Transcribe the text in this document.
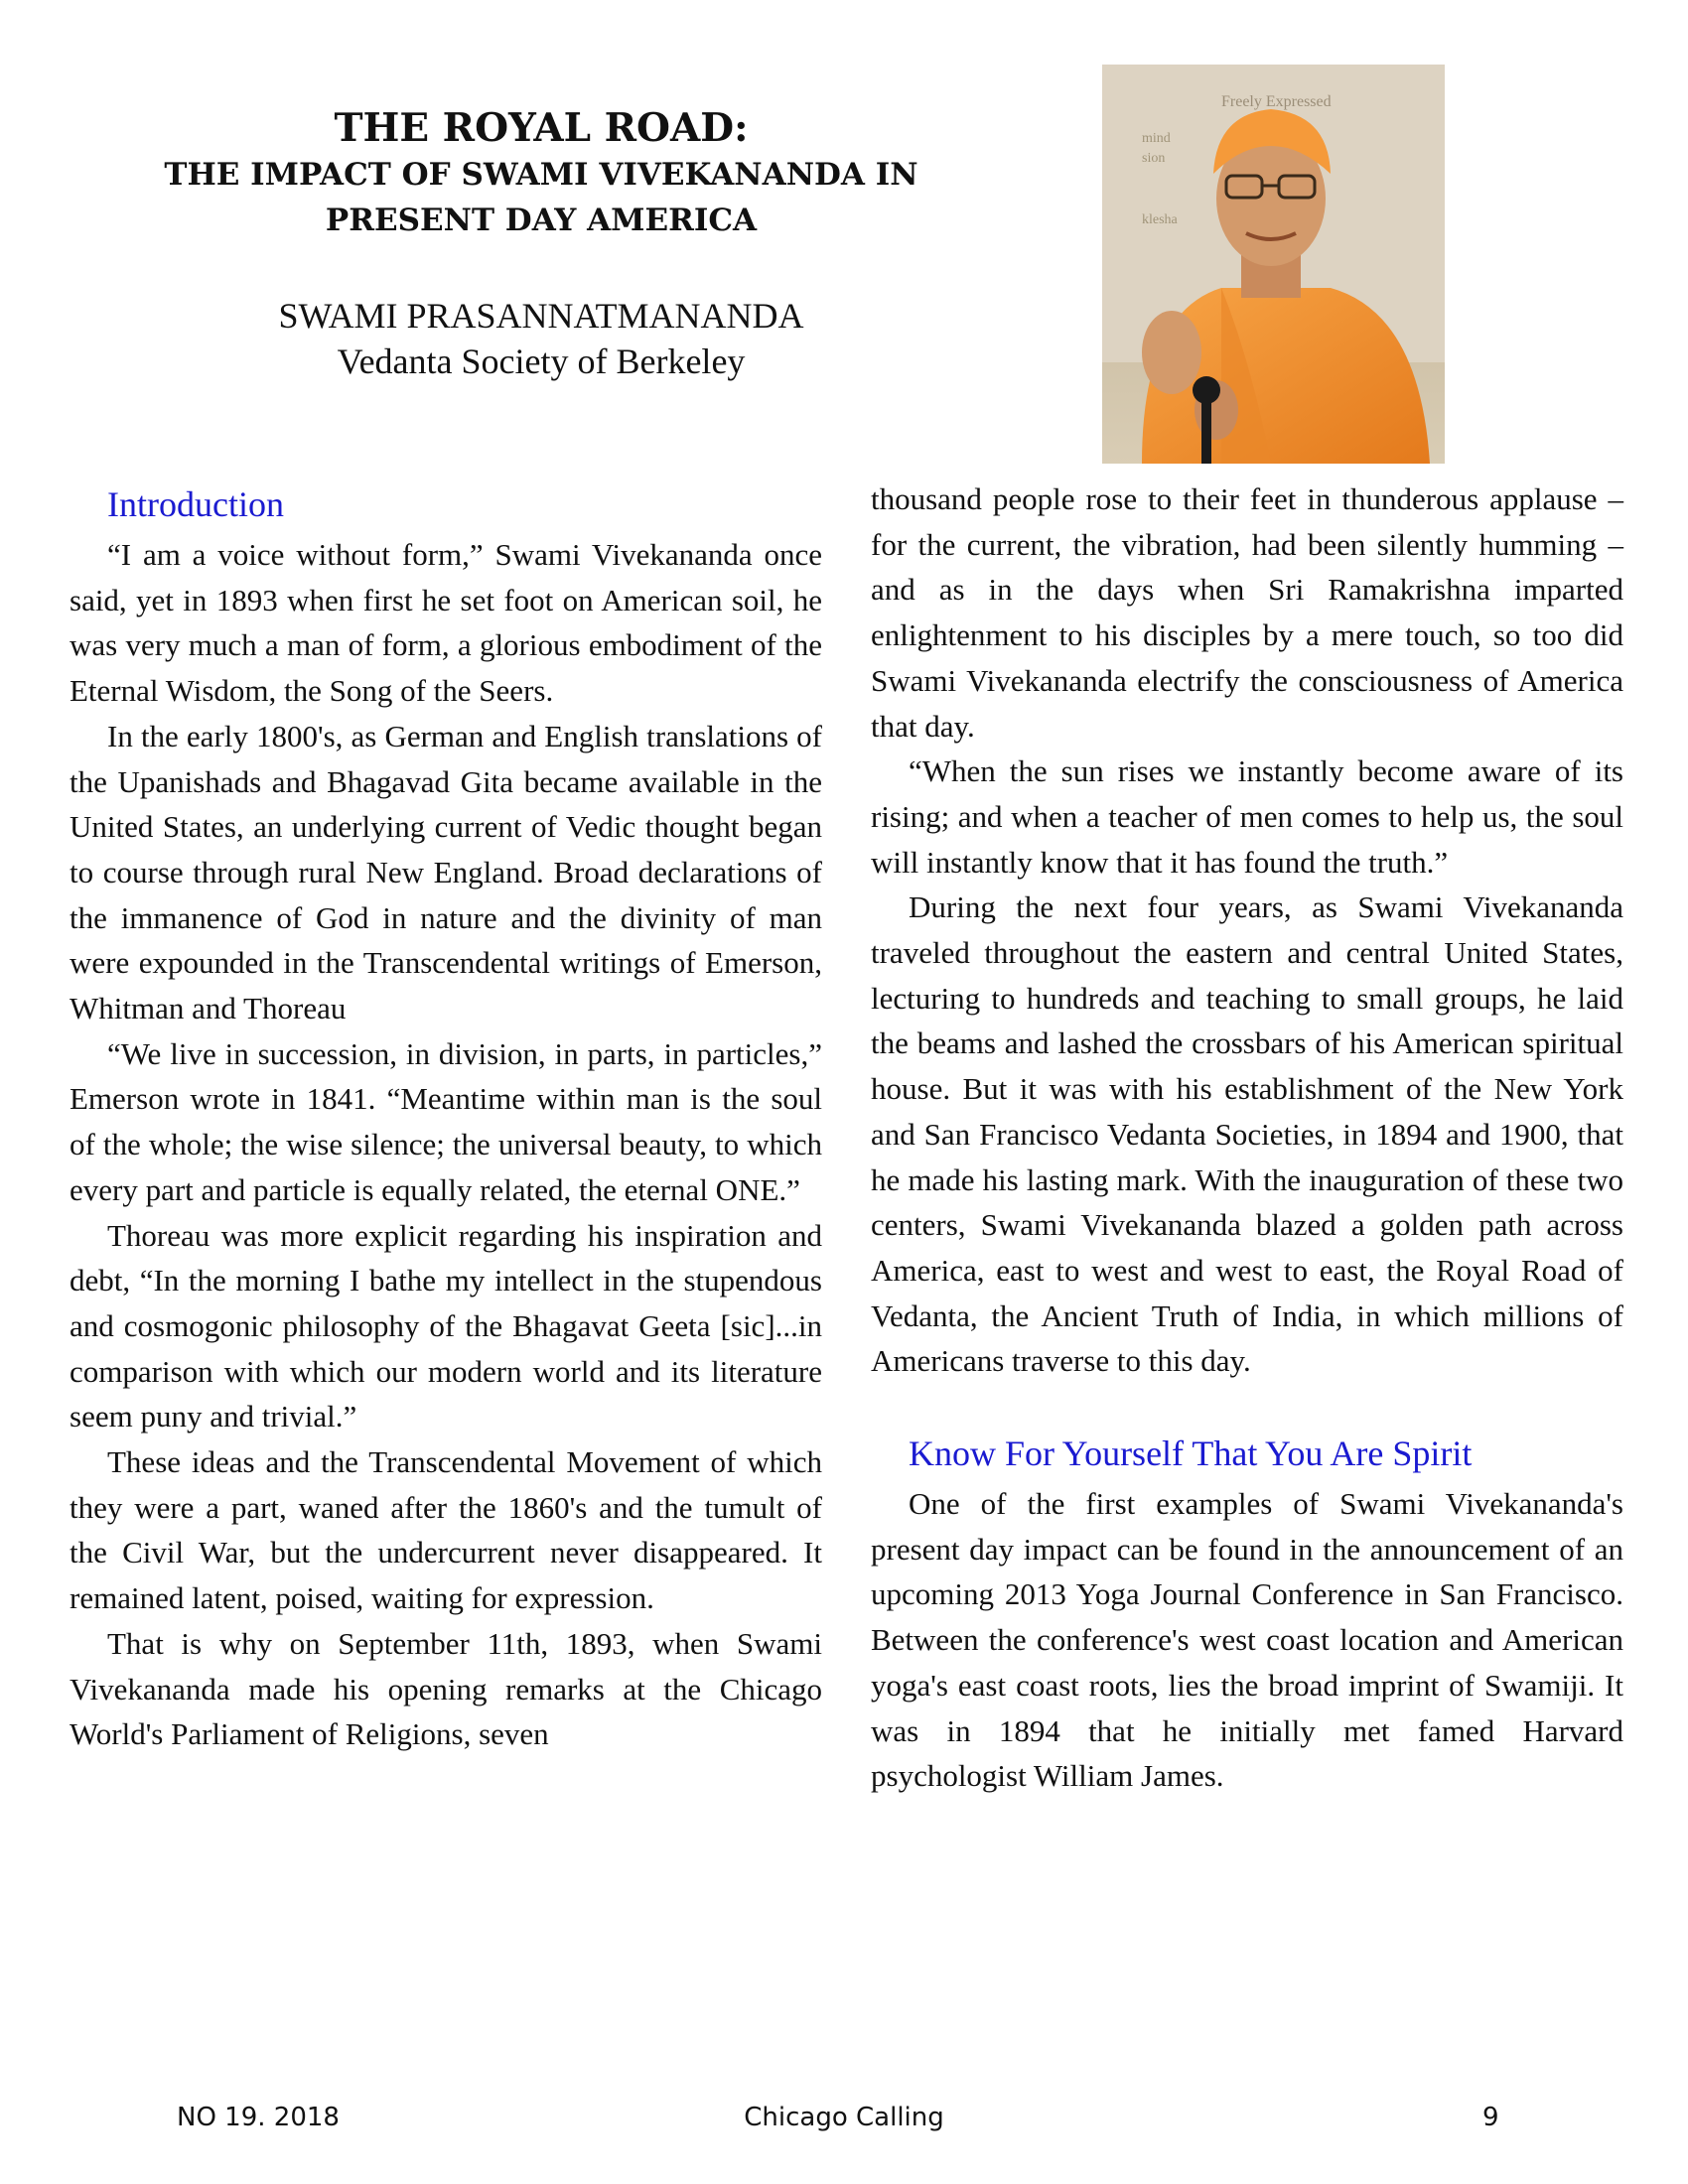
THE ROYAL ROAD:

THE IMPACT OF SWAMI VIVEKANANDA IN

PRESENT DAY AMERICA

SWAMI PRASANNATMANANDA
Vedanta Society of Berkeley
Freely Expressed
mind
sion
klesha

Introduction

“I am a voice without form,” Swami Vivekananda once said, yet in 1893 when first he set foot on American soil, he was very much a man of form, a glorious embodiment of the Eternal Wisdom, the Song of the Seers.

In the early 1800's, as German and English translations of the Upanishads and Bhagavad Gita became available in the United States, an underlying current of Vedic thought began to course through rural New England. Broad declarations of the immanence of God in nature and the divinity of man were expounded in the Transcendental writings of Emerson, Whitman and Thoreau

“We live in succession, in division, in parts, in particles,” Emerson wrote in 1841. “Meantime within man is the soul of the whole; the wise silence; the universal beauty, to which every part and particle is equally related, the eternal ONE.”

Thoreau was more explicit regarding his inspiration and debt, “In the morning I bathe my intellect in the stupendous and cosmogonic philosophy of the Bhagavat Geeta [sic]...in comparison with which our modern world and its literature seem puny and trivial.”

These ideas and the Transcendental Movement of which they were a part, waned after the 1860's and the tumult of the Civil War, but the undercurrent never disappeared. It remained latent, poised, waiting for expression.

That is why on September 11th, 1893, when Swami Vivekananda made his opening remarks at the Chicago World's Parliament of Religions, seven

thousand people rose to their feet in thunderous applause – for the current, the vibration, had been silently humming – and as in the days when Sri Ramakrishna imparted enlightenment to his disciples by a mere touch, so too did Swami Vivekananda electrify the consciousness of America that day.

“When the sun rises we instantly become aware of its rising; and when a teacher of men comes to help us, the soul will instantly know that it has found the truth.”

During the next four years, as Swami Vivekananda traveled throughout the eastern and central United States, lecturing to hundreds and teaching to small groups, he laid the beams and lashed the crossbars of his American spiritual house. But it was with his establishment of the New York and San Francisco Vedanta Societies, in 1894 and 1900, that he made his lasting mark. With the inauguration of these two centers, Swami Vivekananda blazed a golden path across America, east to west and west to east, the Royal Road of Vedanta, the Ancient Truth of India, in which millions of Americans traverse to this day.

Know For Yourself That You Are Spirit

One of the first examples of Swami Vivekananda's present day impact can be found in the announcement of an upcoming 2013 Yoga Journal Conference in San Francisco. Between the conference's west coast location and American yoga's east coast roots, lies the broad imprint of Swamiji. It was in 1894 that he initially met famed Harvard psychologist William James.

Chicago Calling
NO 19. 2018	9
